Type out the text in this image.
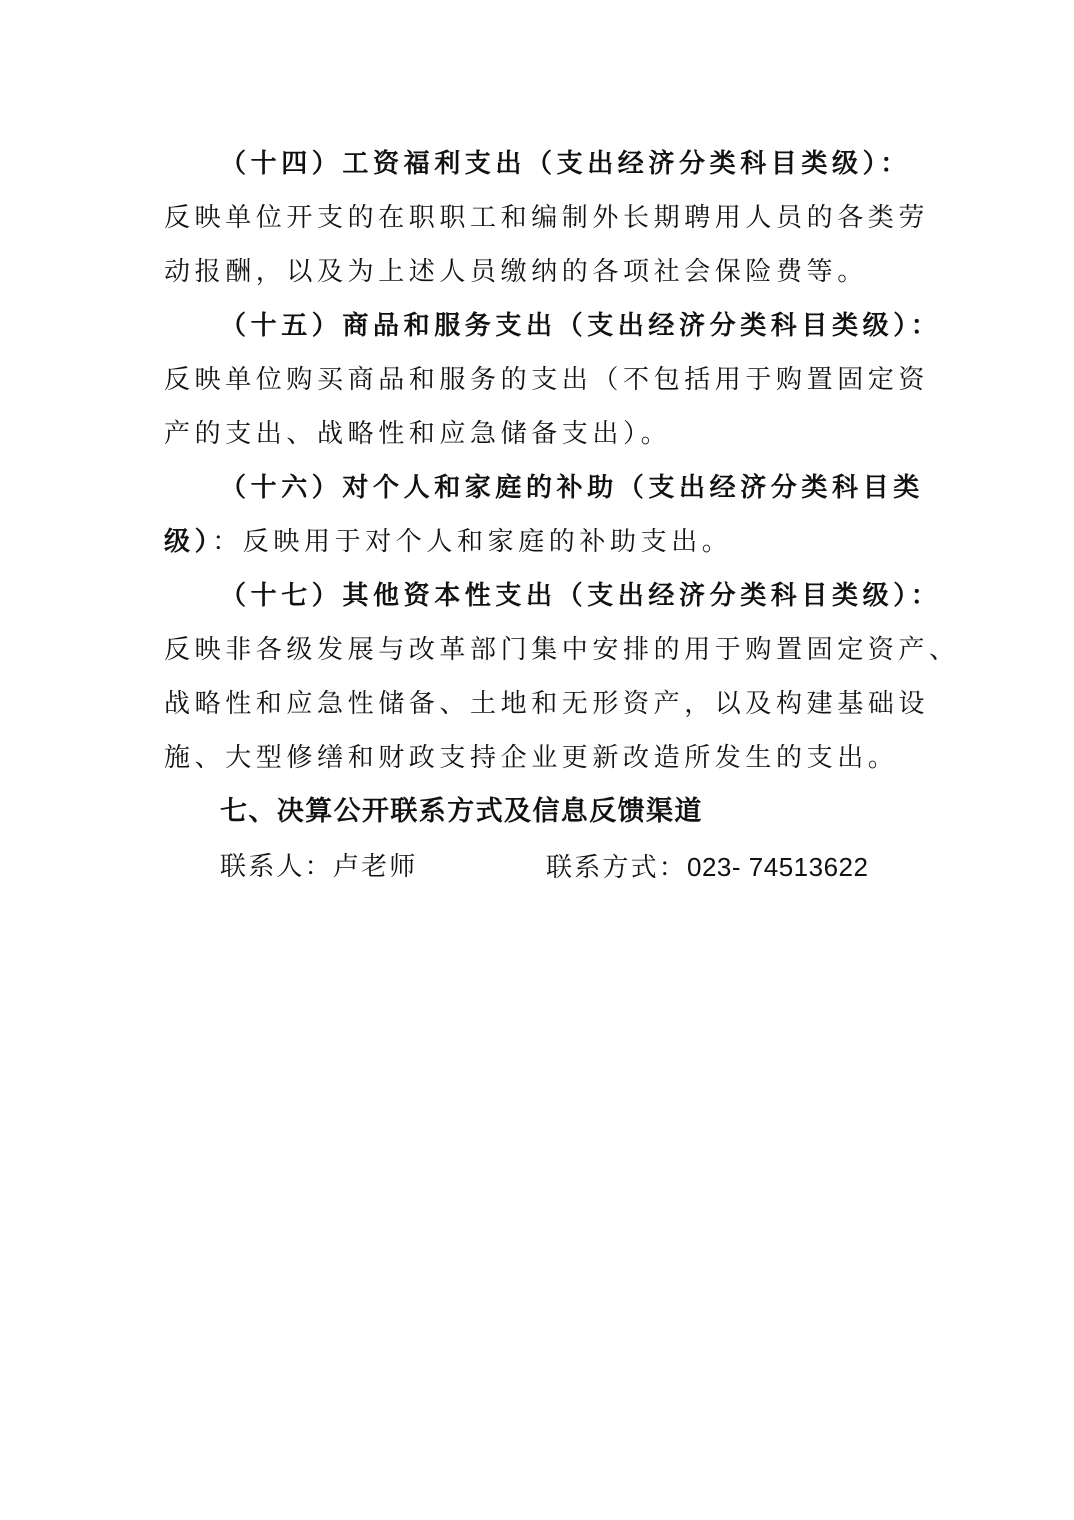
（十四）工资福利支出（支出经济分类科目类级）：
反映单位开支的在职职工和编制外长期聘用人员的各类劳
动报酬，以及为上述人员缴纳的各项社会保险费等。
（十五）商品和服务支出（支出经济分类科目类级）：
反映单位购买商品和服务的支出（不包括用于购置固定资
产的支出、战略性和应急储备支出）。
（十六）对个人和家庭的补助（支出经济分类科目类
级）：反映用于对个人和家庭的补助支出。
（十七）其他资本性支出（支出经济分类科目类级）：
反映非各级发展与改革部门集中安排的用于购置固定资产、
战略性和应急性储备、土地和无形资产，以及构建基础设
施、大型修缮和财政支持企业更新改造所发生的支出。
七、决算公开联系方式及信息反馈渠道
联系人：卢老师	联系方式：023- 74513622
